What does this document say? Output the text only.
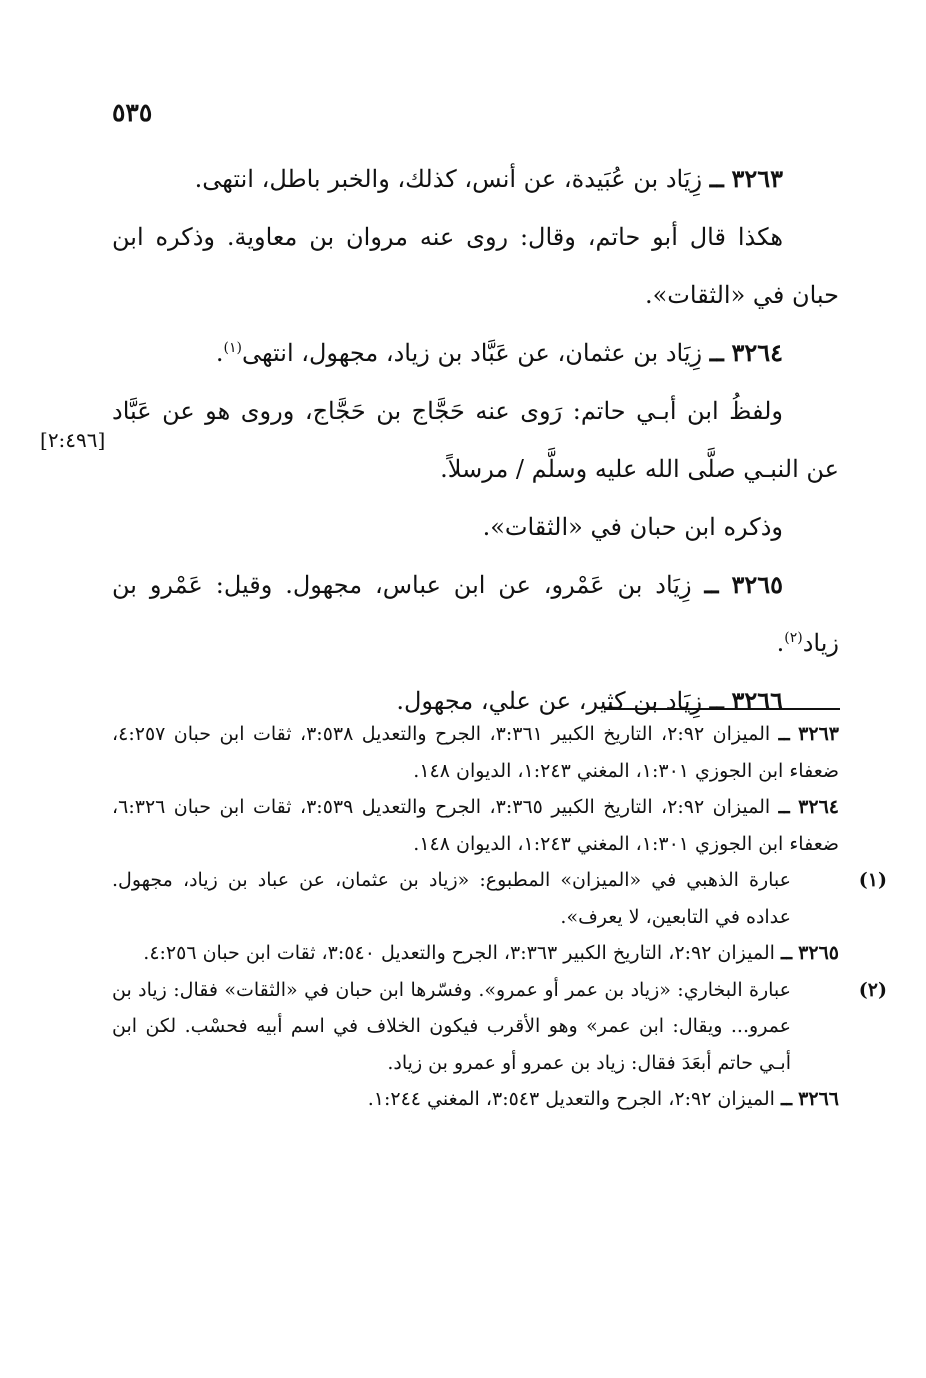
٥٣٥
[٢:٤٩٦]

٣٢٦٣ ــ زِيَاد بن عُبَيدة، عن أنس، كذلك، والخبر باطل، انتهى.

هكذا قال أبو حاتم، وقال: روى عنه مروان بن معاوية. وذكره ابن حبان في «الثقات».

٣٢٦٤ ــ زِيَاد بن عثمان، عن عَبَّاد بن زياد، مجهول، انتهى$^{(١)}$.

ولفظُ ابن أبـي حاتم: رَوى عنه حَجَّاج بن حَجَّاج، وروى هو عن عَبَّاد عن النبـي صلَّى الله عليه وسلَّم / مرسلاً.

وذكره ابن حبان في «الثقات».

٣٢٦٥ ــ زِيَاد بن عَمْرو، عن ابن عباس، مجهول. وقيل: عَمْرو بن زياد$^{(٢)}$.

٣٢٦٦ ــ زِيَاد بن كثير، عن علي، مجهول.

٣٢٦٣ ــ الميزان ٢:٩٢، التاريخ الكبير ٣:٣٦١، الجرح والتعديل ٣:٥٣٨، ثقات ابن حبان ٤:٢٥٧، ضعفاء ابن الجوزي ١:٣٠١، المغني ١:٢٤٣، الديوان ١٤٨.

٣٢٦٤ ــ الميزان ٢:٩٢، التاريخ الكبير ٣:٣٦٥، الجرح والتعديل ٣:٥٣٩، ثقات ابن حبان ٦:٣٢٦، ضعفاء ابن الجوزي ١:٣٠١، المغني ١:٢٤٣، الديوان ١٤٨.

(١)عبارة الذهبي في «الميزان» المطبوع: «زياد بن عثمان، عن عباد بن زياد، مجهول. عداده في التابعين، لا يعرف».

٣٢٦٥ ــ الميزان ٢:٩٢، التاريخ الكبير ٣:٣٦٣، الجرح والتعديل ٣:٥٤٠، ثقات ابن حبان ٤:٢٥٦.

(٢)عبارة البخاري: «زياد بن عمر أو عمرو». وفسّرها ابن حبان في «الثقات» فقال: زياد بن عمرو... ويقال: ابن عمر» وهو الأقرب فيكون الخلاف في اسم أبيه فحسْب. لكن ابن أبـي حاتم أبعَدَ فقال: زياد بن عمرو أو عمرو بن زياد.

٣٢٦٦ ــ الميزان ٢:٩٢، الجرح والتعديل ٣:٥٤٣، المغني ١:٢٤٤.
